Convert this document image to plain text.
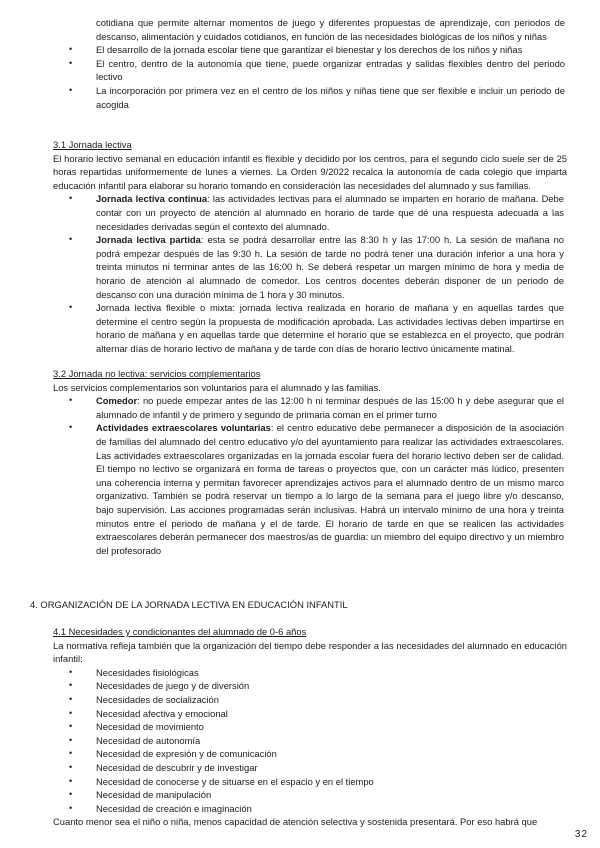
cotidiana que permite alternar momentos de juego y diferentes propuestas de aprendizaje, con periodos de descanso, alimentación y cuidados cotidianos, en función de las necesidades biológicas de los niños y niñas
• El desarrollo de la jornada escolar tiene que garantizar el bienestar y los derechos de los niños y niñas
• El centro, dentro de la autonomía que tiene, puede organizar entradas y salidas flexibles dentro del periodo lectivo
• La incorporación por primera vez en el centro de los niños y niñas tiene que ser flexible e incluir un periodo de acogida
3.1 Jornada lectiva
El horario lectivo semanal en educación infantil es flexible y decidido por los centros, para el segundo ciclo suele ser de 25 horas repartidas uniformemente de lunes a viernes. La Orden 9/2022 recalca la autonomía de cada colegio que imparta educación infantil para elaborar su horario tomando en consideración las necesidades del alumnado y sus familias.
• Jornada lectiva continua: las actividades lectivas para el alumnado se imparten en horario de mañana. Debe contar con un proyecto de atención al alumnado en horario de tarde que dé una respuesta adecuada a las necesidades derivadas según el contexto del alumnado.
• Jornada lectiva partida: esta se podrá desarrollar entre las 8:30 h y las 17:00 h. La sesión de mañana no podrá empezar después de las 9:30 h. La sesión de tarde no podrá tener una duración inferior a una hora y treinta minutos ni terminar antes de las 16:00 h. Se deberá respetar un margen mínimo de hora y media de horario de atención al alumnado de comedor. Los centros docentes deberán disponer de un periodo de descanso con una duración mínima de 1 hora y 30 minutos.
• Jornada lectiva flexible o mixta: jornada lectiva realizada en horario de mañana y en aquellas tardes que determine el centro según la propuesta de modificación aprobada. Las actividades lectivas deben impartirse en horario de mañana y en aquellas tarde que determine el horario que se establezca en el proyecto, que podrán alternar días de horario lectivo de mañana y de tarde con días de horario lectivo únicamente matinal.
3.2 Jornada no lectiva: servicios complementarios
Los servicios complementarios son voluntarios para el alumnado y las familias.
• Comedor: no puede empezar antes de las 12:00 h ni terminar después de las 15:00 h y debe asegurar que el alumnado de infantil y de primero y segundo de primaria coman en el primer turno
• Actividades extraescolares voluntarias: el centro educativo debe permanecer a disposición de la asociación de familias del alumnado del centro educativo y/o del ayuntamiento para realizar las actividades extraescolares. Las actividades extraescolares organizadas en la jornada escolar fuera del horario lectivo deben ser de calidad. El tiempo no lectivo se organizará en forma de tareas o proyectos que, con un carácter más lúdico, presenten una coherencia interna y permitan favorecer aprendizajes activos para el alumnado dentro de un mismo marco organizativo. También se podrá reservar un tiempo a lo largo de la semana para el juego libre y/o descanso, bajo supervisión. Las acciones programadas serán inclusivas. Habrá un intervalo mínimo de una hora y treinta minutos entre el periodo de mañana y el de tarde. El horario de tarde en que se realicen las actividades extraescolares deberán permanecer dos maestros/as de guardia: un miembro del equipo directivo y un miembro del profesorado
4. ORGANIZACIÓN DE LA JORNADA LECTIVA EN EDUCACIÓN INFANTIL
4.1 Necesidades y condicionantes del alumnado de 0-6 años
La normativa refleja también que la organización del tiempo debe responder a las necesidades del alumnado en educación infantil:
• Necesidades fisiológicas
• Necesidades de juego y de diversión
• Necesidades de socialización
• Necesidad afectiva y emocional
• Necesidad de movimiento
• Necesidad de autonomía
• Necesidad de expresión y de comunicación
• Necesidad de descubrir y de investigar
• Necesidad de conocerse y de situarse en el espacio y en el tiempo
• Necesidad de manipulación
• Necesidad de creación e imaginación
Cuanto menor sea el niño o niña, menos capacidad de atención selectiva y sostenida presentará. Por eso habrá que
32
